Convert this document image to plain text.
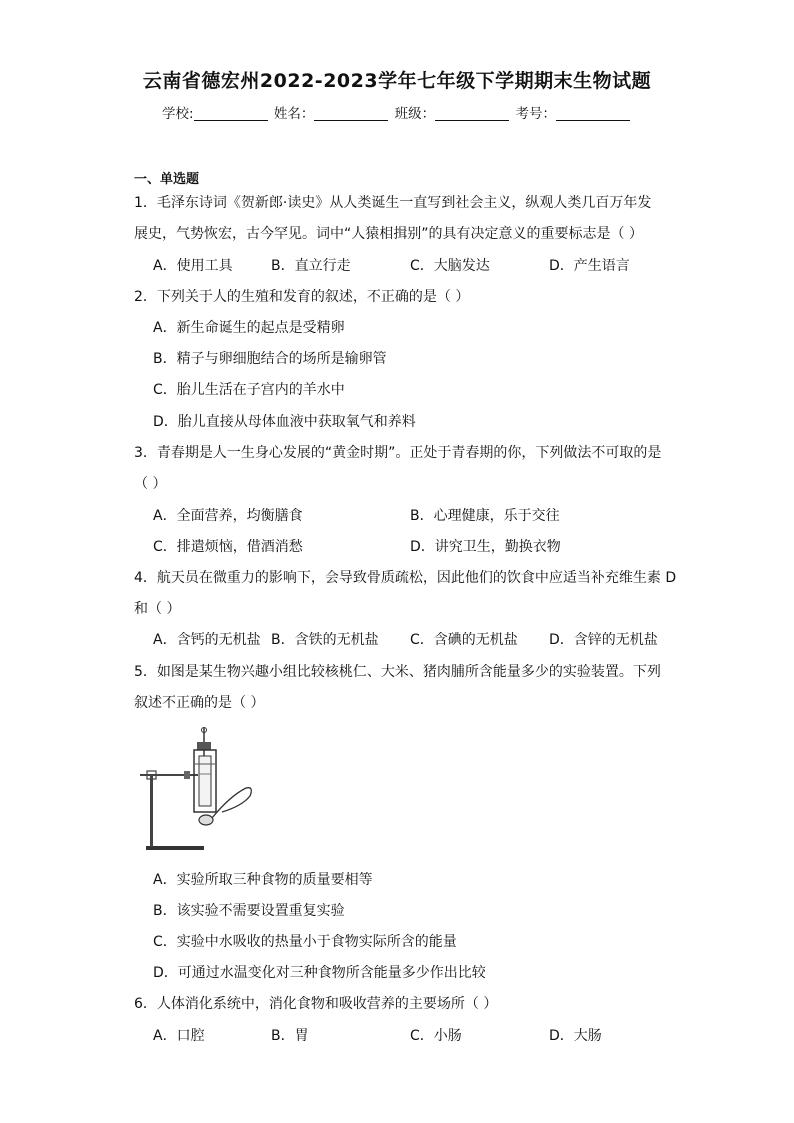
云南省德宏州2022-2023学年七年级下学期期末生物试题
学校:	姓名：	班级：	考号：
一、单选题
1．毛泽东诗词《贺新郎·读史》从人类诞生一直写到社会主义，纵观人类几百万年发
展史，气势恢宏，古今罕见。词中“人猿相揖别”的具有决定意义的重要标志是（ ）
A．使用工具	B．直立行走	C．大脑发达	D．产生语言
2．下列关于人的生殖和发育的叙述，不正确的是（ ）
A．新生命诞生的起点是受精卵
B．精子与卵细胞结合的场所是输卵管
C．胎儿生活在子宫内的羊水中
D．胎儿直接从母体血液中获取氧气和养料
3．青春期是人一生身心发展的“黄金时期”。正处于青春期的你，下列做法不可取的是
（ ）
A．全面营养，均衡膳食	B．心理健康，乐于交往
C．排遣烦恼，借酒消愁	D．讲究卫生，勤换衣物
4．航天员在微重力的影响下，会导致骨质疏松，因此他们的饮食中应适当补充维生素 D
和（ ）
A．含钙的无机盐 B．含铁的无机盐 C．含碘的无机盐 D．含锌的无机盐
5．如图是某生物兴趣小组比较核桃仁、大米、猪肉脯所含能量多少的实验装置。下列
叙述不正确的是（ ）
A．实验所取三种食物的质量要相等
B．该实验不需要设置重复实验
C．实验中水吸收的热量小于食物实际所含的能量
D．可通过水温变化对三种食物所含能量多少作出比较
6．人体消化系统中，消化食物和吸收营养的主要场所（ ）
A．口腔	B．胃	C．小肠	D．大肠
